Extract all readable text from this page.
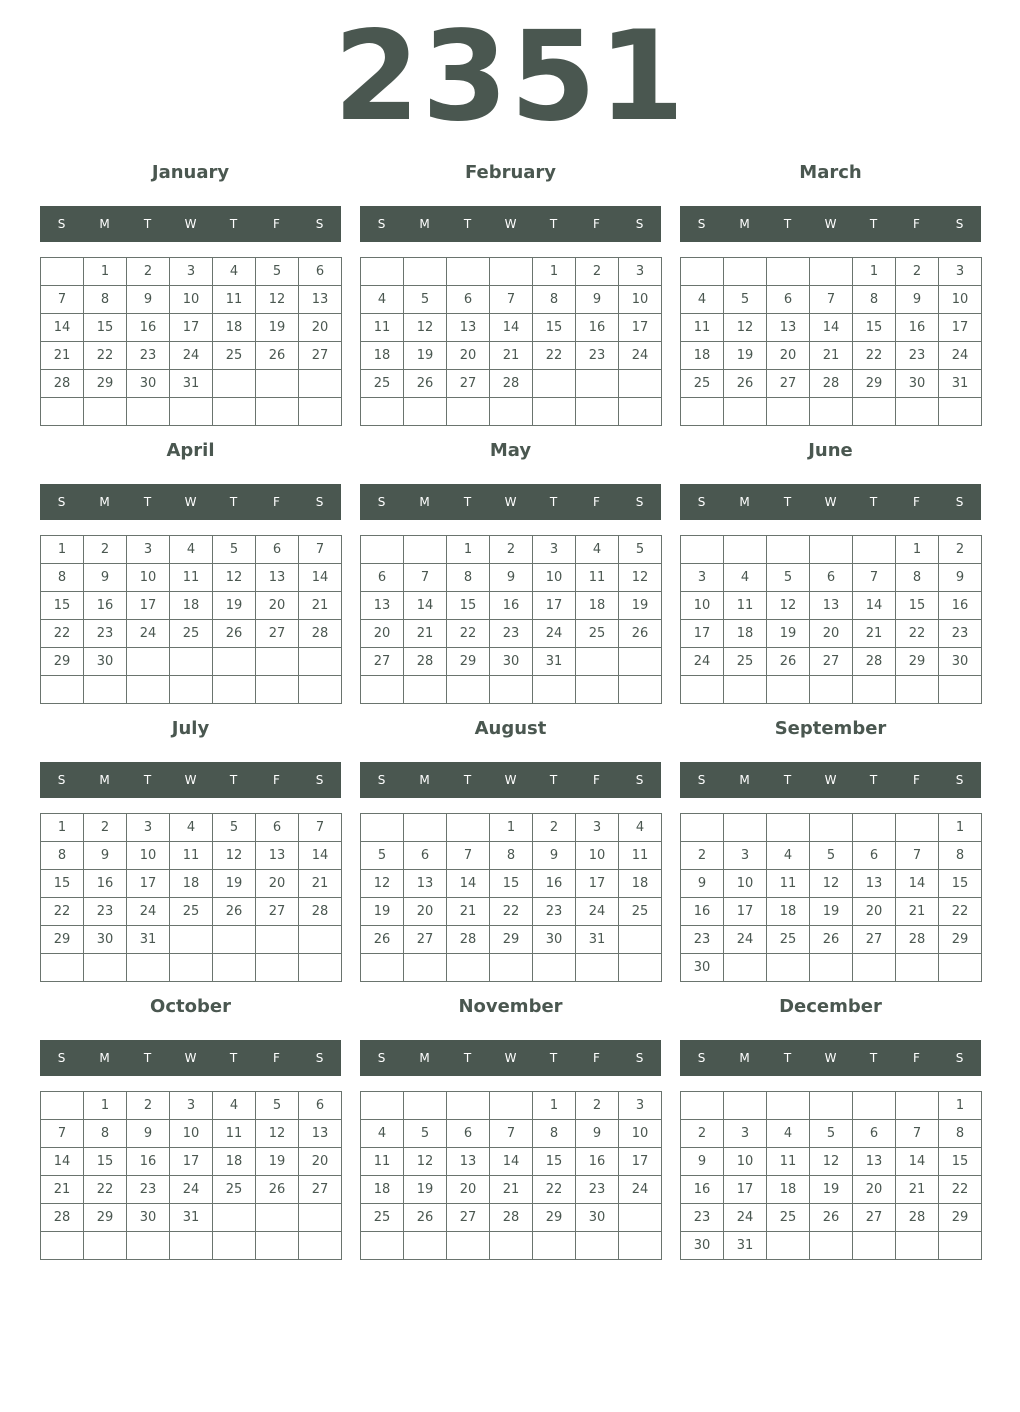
2351
January
S	M	T	W	T	F	S
	1	2	3	4	5	6
7	8	9	10	11	12	13
14	15	16	17	18	19	20
21	22	23	24	25	26	27
28	29	30	31			

February
S	M	T	W	T	F	S
				1	2	3
4	5	6	7	8	9	10
11	12	13	14	15	16	17
18	19	20	21	22	23	24
25	26	27	28			

March
S	M	T	W	T	F	S
				1	2	3
4	5	6	7	8	9	10
11	12	13	14	15	16	17
18	19	20	21	22	23	24
25	26	27	28	29	30	31

April
S	M	T	W	T	F	S
1	2	3	4	5	6	7
8	9	10	11	12	13	14
15	16	17	18	19	20	21
22	23	24	25	26	27	28
29	30					

May
S	M	T	W	T	F	S
		1	2	3	4	5
6	7	8	9	10	11	12
13	14	15	16	17	18	19
20	21	22	23	24	25	26
27	28	29	30	31		

June
S	M	T	W	T	F	S
					1	2
3	4	5	6	7	8	9
10	11	12	13	14	15	16
17	18	19	20	21	22	23
24	25	26	27	28	29	30

July
S	M	T	W	T	F	S
1	2	3	4	5	6	7
8	9	10	11	12	13	14
15	16	17	18	19	20	21
22	23	24	25	26	27	28
29	30	31				

August
S	M	T	W	T	F	S
			1	2	3	4
5	6	7	8	9	10	11
12	13	14	15	16	17	18
19	20	21	22	23	24	25
26	27	28	29	30	31	

September
S	M	T	W	T	F	S
						1
2	3	4	5	6	7	8
9	10	11	12	13	14	15
16	17	18	19	20	21	22
23	24	25	26	27	28	29
30						
October
S	M	T	W	T	F	S
	1	2	3	4	5	6
7	8	9	10	11	12	13
14	15	16	17	18	19	20
21	22	23	24	25	26	27
28	29	30	31			

November
S	M	T	W	T	F	S
				1	2	3
4	5	6	7	8	9	10
11	12	13	14	15	16	17
18	19	20	21	22	23	24
25	26	27	28	29	30	

December
S	M	T	W	T	F	S
						1
2	3	4	5	6	7	8
9	10	11	12	13	14	15
16	17	18	19	20	21	22
23	24	25	26	27	28	29
30	31					
